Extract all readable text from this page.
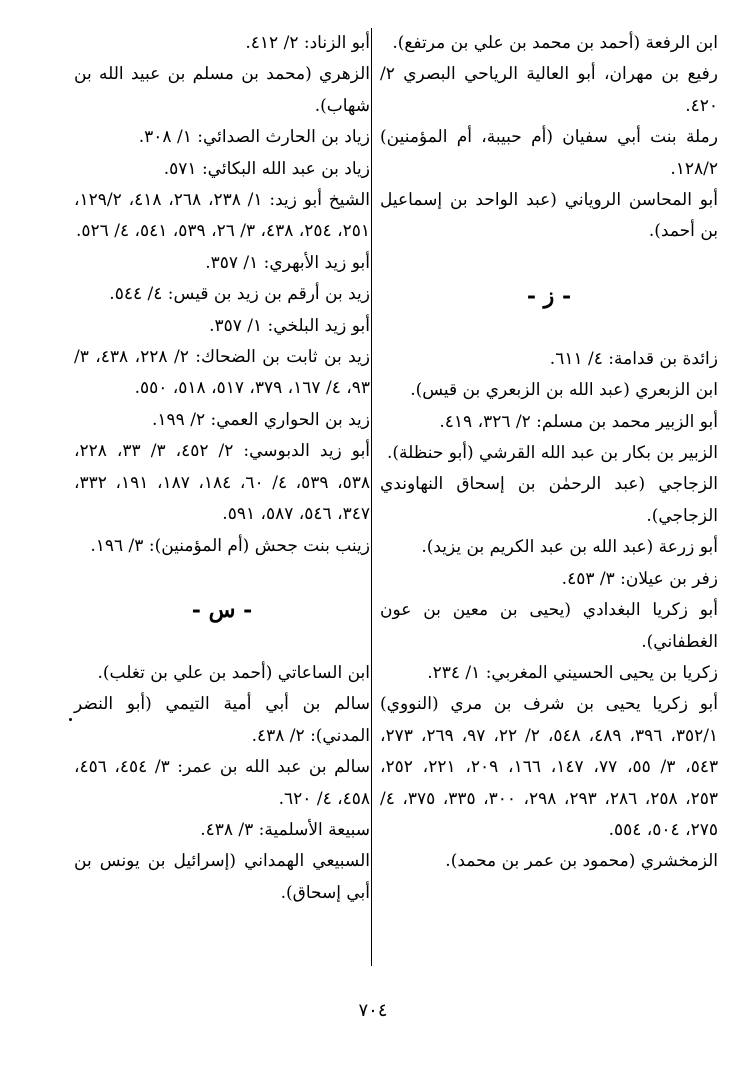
ابن الرفعة (أحمد بن محمد بن علي بن مرتفع).
رفيع بن مهران، أبو العالية الرياحي البصري ٢/ ٤٢٠.
رملة بنت أبي سفيان (أم حبيبة، أم المؤمنين) ١٢٨/٢.
أبو المحاسن الروياني (عبد الواحد بن إسماعيل بن أحمد).
- ز -
زائدة بن قدامة: ٤/ ٦١١.
ابن الزبعري (عبد الله بن الزبعري بن قيس).
أبو الزبير محمد بن مسلم: ٢/ ٣٢٦، ٤١٩.
الزبير بن بكار بن عبد الله القرشي (أبو حنظلة).
الزجاجي (عبد الرحمٰن بن إسحاق النهاوندي الزجاجي).
أبو زرعة (عبد الله بن عبد الكريم بن يزيد).
زفر بن عيلان: ٣/ ٤٥٣.
أبو زكريا البغدادي (يحيى بن معين بن عون الغطفاني).
زكريا بن يحيى الحسيني المغربي: ١/ ٢٣٤.
أبو زكريا يحيى بن شرف بن مري (النووي) ٣٥٢/١، ٣٩٦، ٤٨٩، ٥٤٨، ٢/ ٢٢، ٩٧، ٢٦٩، ٢٧٣، ٥٤٣، ٣/ ٥٥، ٧٧، ١٤٧، ١٦٦، ٢٠٩، ٢٢١، ٢٥٢، ٢٥٣، ٢٥٨، ٢٨٦، ٢٩٣، ٢٩٨، ٣٠٠، ٣٣٥، ٣٧٥، ٤/ ٢٧٥، ٥٠٤، ٥٥٤.
الزمخشري (محمود بن عمر بن محمد).
أبو الزناد: ٢/ ٤١٢.
الزهري (محمد بن مسلم بن عبيد الله بن شهاب).
زياد بن الحارث الصدائي: ١/ ٣٠٨.
زياد بن عبد الله البكائي: ٥٧١.
الشيخ أبو زيد: ١/ ٢٣٨، ٢٦٨، ٤١٨، ١٢٩/٢، ٢٥١، ٢٥٤، ٤٣٨، ٣/ ٢٦، ٥٣٩، ٥٤١، ٤/ ٥٢٦.
أبو زيد الأبهري: ١/ ٣٥٧.
زيد بن أرقم بن زيد بن قيس: ٤/ ٥٤٤.
أبو زيد البلخي: ١/ ٣٥٧.
زيد بن ثابت بن الضحاك: ٢/ ٢٢٨، ٤٣٨، ٣/ ٩٣، ٤/ ١٦٧، ٣٧٩، ٥١٧، ٥١٨، ٥٥٠.
زيد بن الحواري العمي: ٢/ ١٩٩.
أبو زيد الدبوسي: ٢/ ٤٥٢، ٣/ ٣٣، ٢٢٨، ٥٣٨، ٥٣٩، ٤/ ٦٠، ١٨٤، ١٨٧، ١٩١، ٣٣٢، ٣٤٧، ٥٤٦، ٥٨٧، ٥٩١.
زينب بنت جحش (أم المؤمنين): ٣/ ١٩٦.
- س -
ابن الساعاتي (أحمد بن علي بن تغلب).
سالم بن أبي أمية التيمي (أبو النضر المدني): ٢/ ٤٣٨.
سالم بن عبد الله بن عمر: ٣/ ٤٥٤، ٤٥٦، ٤٥٨، ٤/ ٦٢٠.
سبيعة الأسلمية: ٣/ ٤٣٨.
السبيعي الهمداني (إسرائيل بن يونس بن أبي إسحاق).
٧٠٤
